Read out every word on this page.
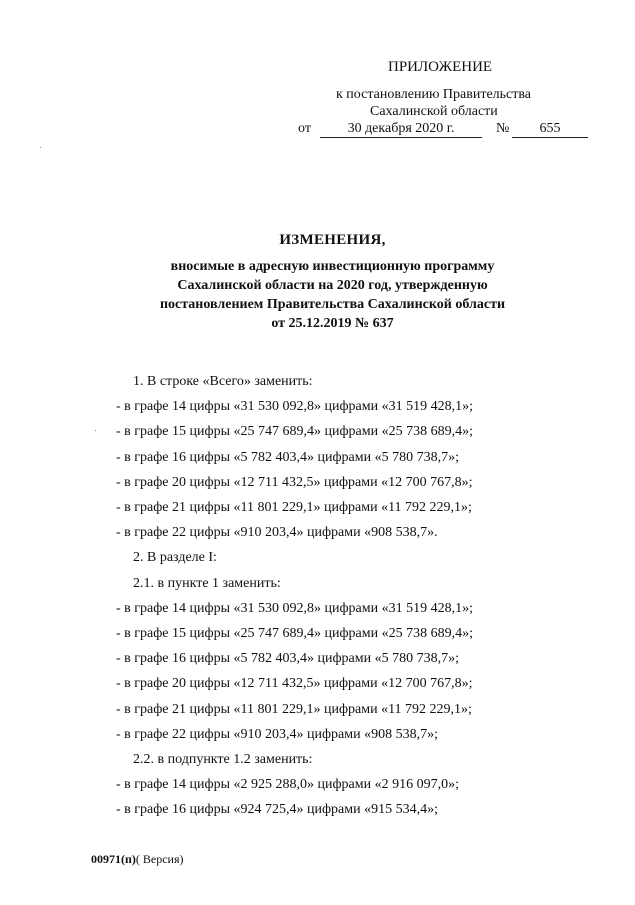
ПРИЛОЖЕНИЕ
к постановлению Правительства
Сахалинской области
от	30 декабря 2020 г.	№	655
ИЗМЕНЕНИЯ,
вносимые в адресную инвестиционную программу
Сахалинской области на 2020 год, утвержденную
постановлением Правительства Сахалинской области
от 25.12.2019 № 637
1. В строке «Всего» заменить:
- в графе 14 цифры «31 530 092,8» цифрами «31 519 428,1»;
- в графе 15 цифры «25 747 689,4» цифрами «25 738 689,4»;
- в графе 16 цифры «5 782 403,4» цифрами «5 780 738,7»;
- в графе 20 цифры «12 711 432,5» цифрами «12 700 767,8»;
- в графе 21 цифры «11 801 229,1» цифрами «11 792 229,1»;
- в графе 22 цифры «910 203,4» цифрами «908 538,7».
2. В разделе I:
2.1. в пункте 1 заменить:
- в графе 14 цифры «31 530 092,8» цифрами «31 519 428,1»;
- в графе 15 цифры «25 747 689,4» цифрами «25 738 689,4»;
- в графе 16 цифры «5 782 403,4» цифрами «5 780 738,7»;
- в графе 20 цифры «12 711 432,5» цифрами «12 700 767,8»;
- в графе 21 цифры «11 801 229,1» цифрами «11 792 229,1»;
- в графе 22 цифры «910 203,4» цифрами «908 538,7»;
2.2. в подпункте 1.2 заменить:
- в графе 14 цифры «2 925 288,0» цифрами «2 916 097,0»;
- в графе 16 цифры «924 725,4» цифрами «915 534,4»;
00971(п)( Версия)
